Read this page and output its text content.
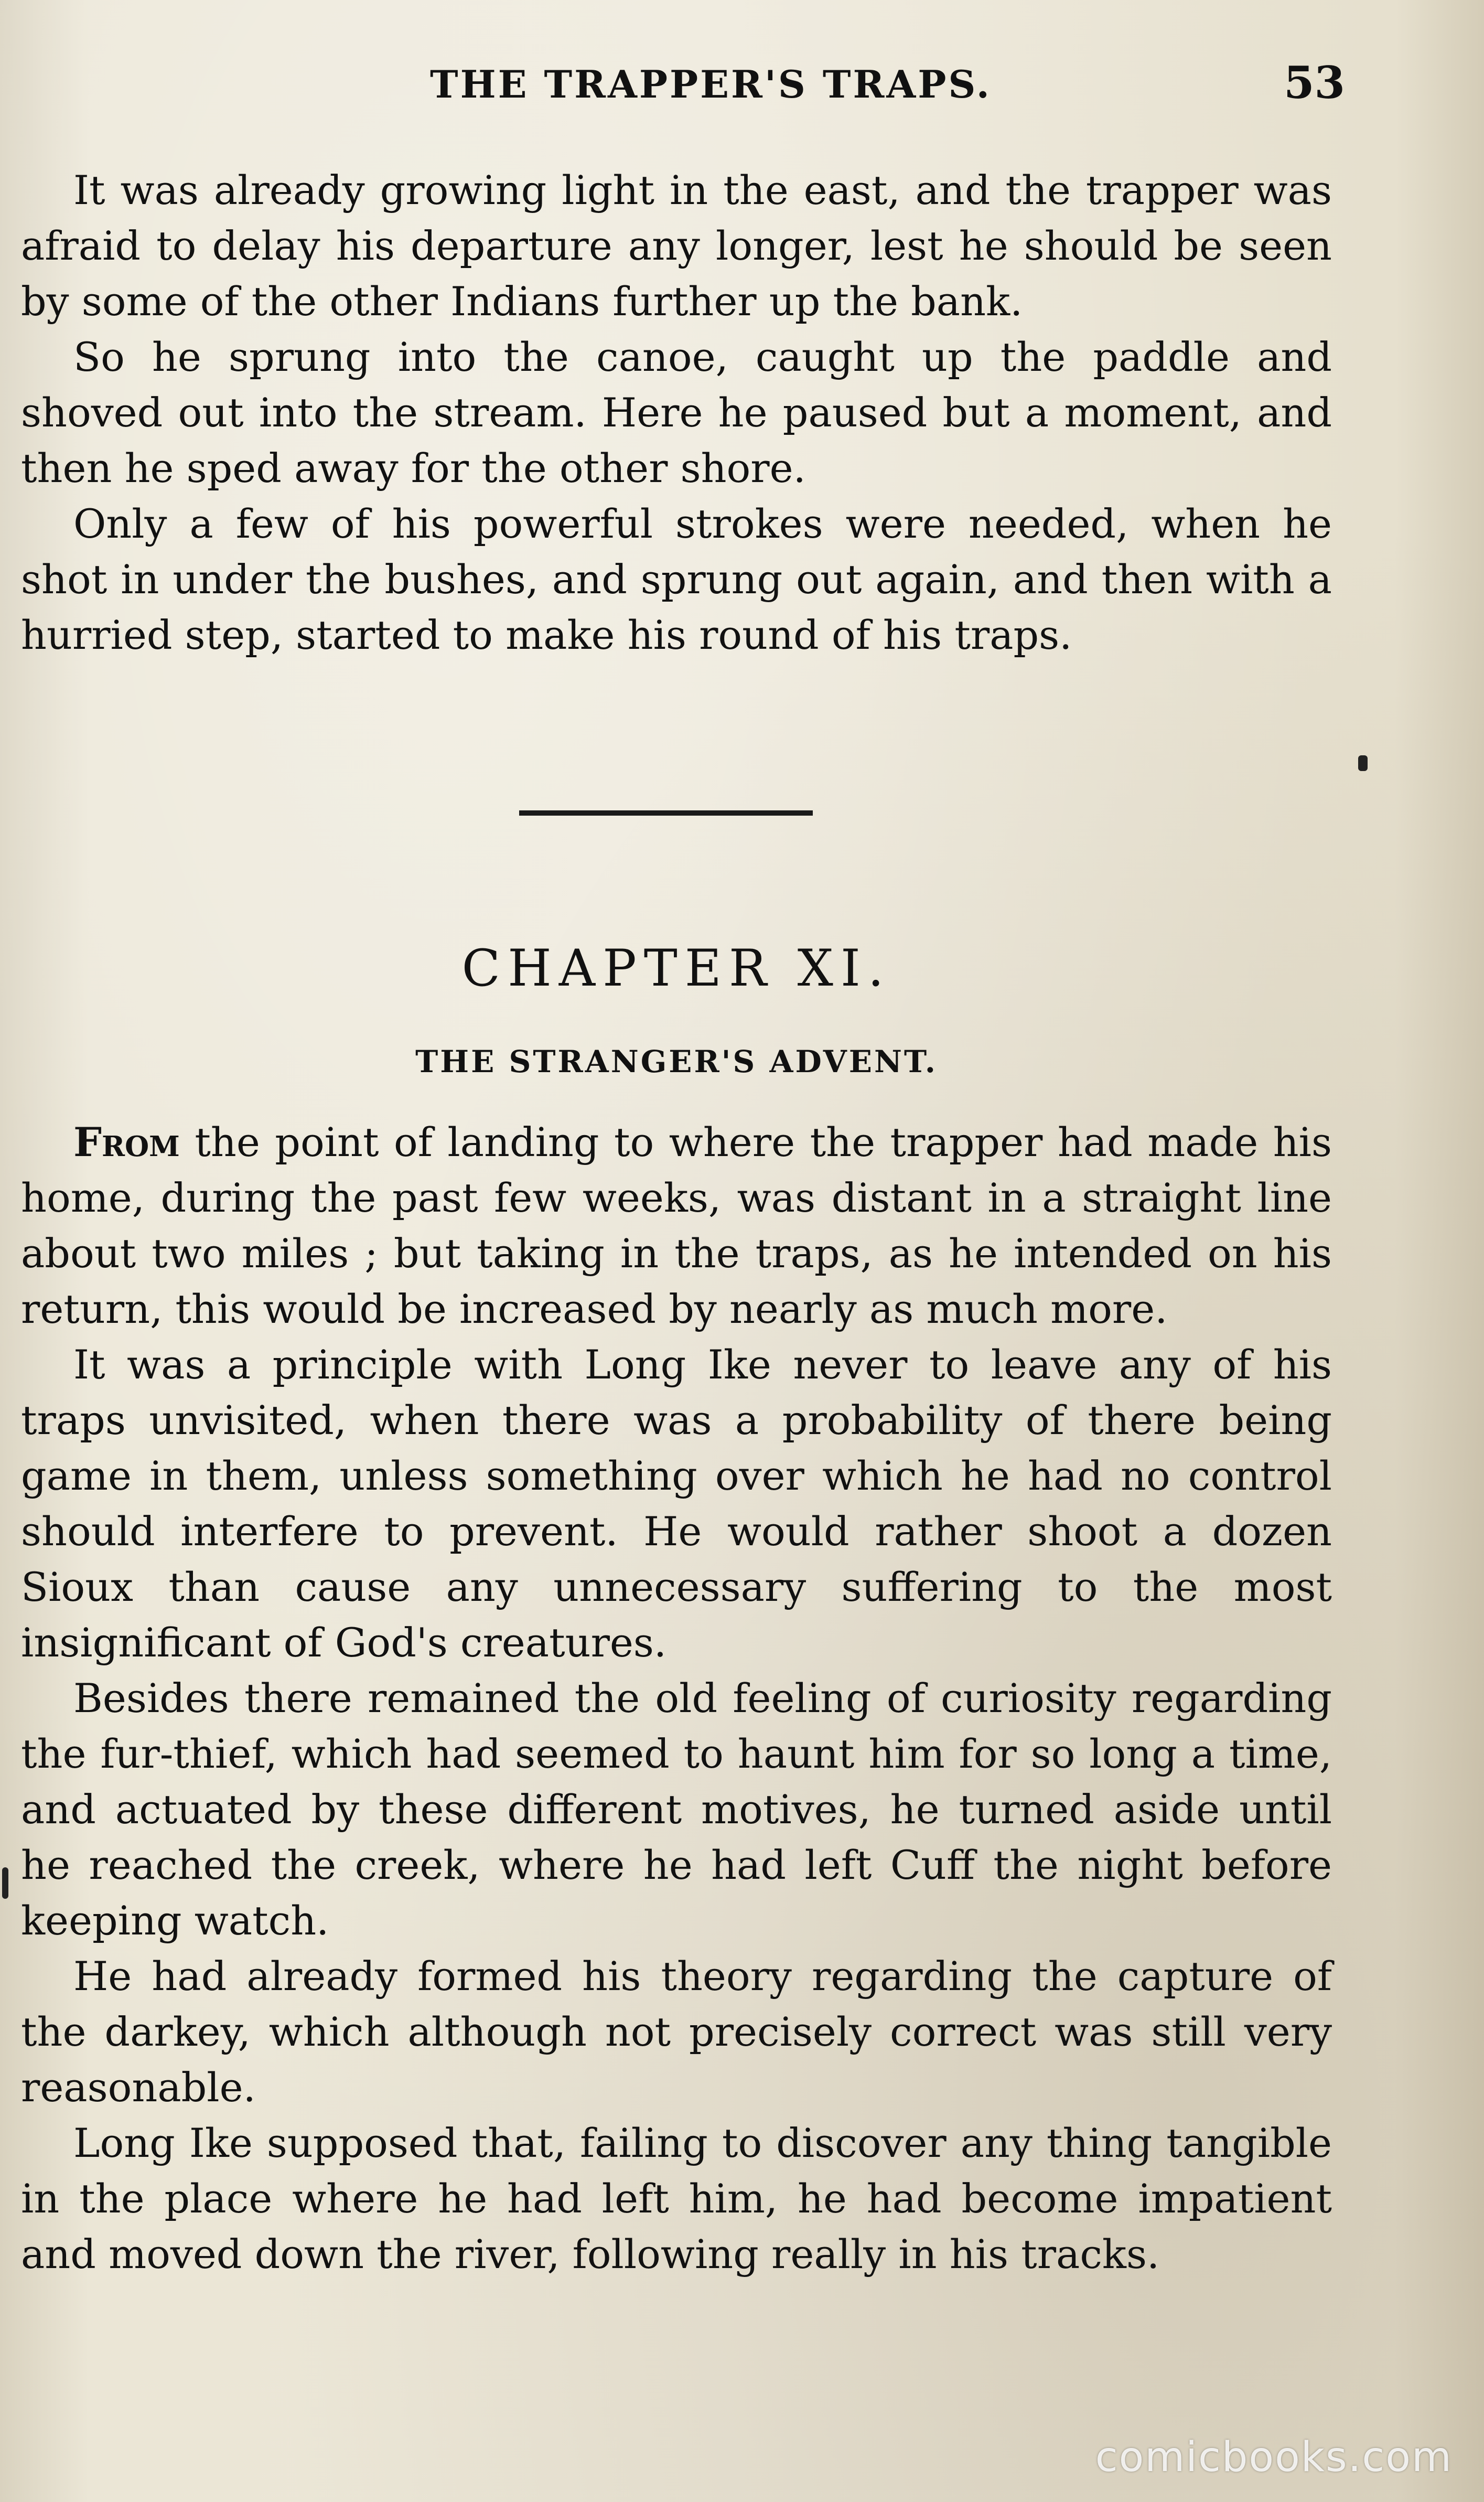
THE TRAPPER'S TRAPS.	53

It was already growing light in the east, and the trapper was afraid to delay his departure any longer, lest he should be seen by some of the other Indians further up the bank.

So he sprung into the canoe, caught up the paddle and shoved out into the stream. Here he paused but a moment, and then he sped away for the other shore.

Only a few of his powerful strokes were needed, when he shot in under the bushes, and sprung out again, and then with a hurried step, started to make his round of his traps.

CHAPTER XI.
THE STRANGER'S ADVENT.

From the point of landing to where the trapper had made his home, during the past few weeks, was distant in a straight line about two miles ; but taking in the traps, as he intended on his return, this would be increased by nearly as much more.

It was a principle with Long Ike never to leave any of his traps unvisited, when there was a probability of there being game in them, unless something over which he had no control should interfere to prevent. He would rather shoot a dozen Sioux than cause any unnecessary suffering to the most insignificant of God's creatures.

Besides there remained the old feeling of curiosity regarding the fur-thief, which had seemed to haunt him for so long a time, and actuated by these different motives, he turned aside until he reached the creek, where he had left Cuff the night before keeping watch.

He had already formed his theory regarding the capture of the darkey, which although not precisely correct was still very reasonable.

Long Ike supposed that, failing to discover any thing tangible in the place where he had left him, he had become impatient and moved down the river, following really in his tracks.

comicbooks.com
